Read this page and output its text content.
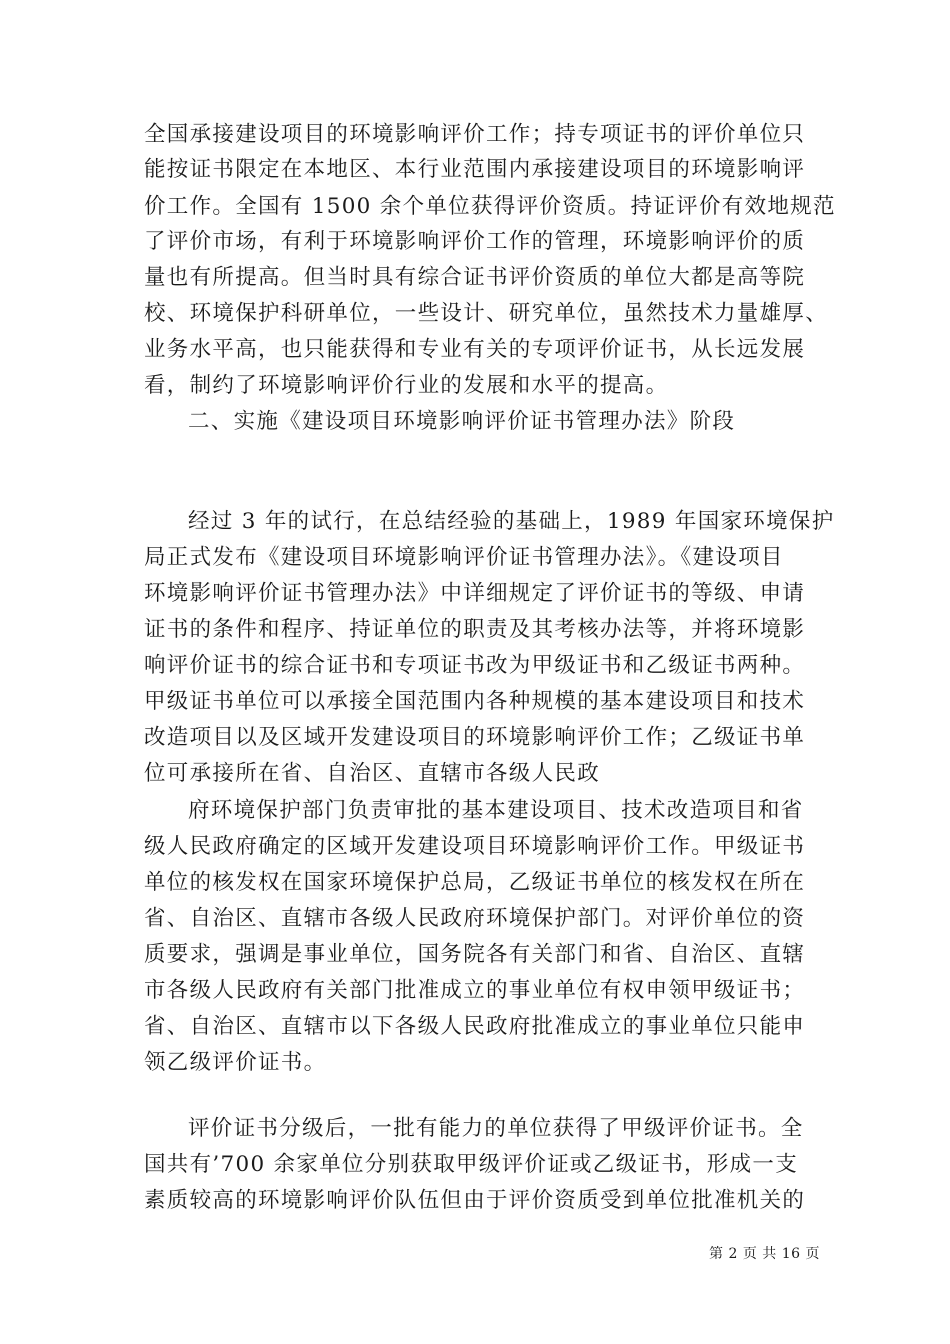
全国承接建设项目的环境影响评价工作；持专项证书的评价单位只
能按证书限定在本地区、本行业范围内承接建设项目的环境影响评
价工作。全国有 1500 余个单位获得评价资质。持证评价有效地规范
了评价市场，有利于环境影响评价工作的管理，环境影响评价的质
量也有所提高。但当时具有综合证书评价资质的单位大都是高等院
校、环境保护科研单位，一些设计、研究单位，虽然技术力量雄厚、
业务水平高，也只能获得和专业有关的专项评价证书，从长远发展
看，制约了环境影响评价行业的发展和水平的提高。
二、实施《建设项目环境影响评价证书管理办法》阶段
经过 3 年的试行，在总结经验的基础上，1989 年国家环境保护
局正式发布《建设项目环境影响评价证书管理办法》。《建设项目
环境影响评价证书管理办法》中详细规定了评价证书的等级、申请
证书的条件和程序、持证单位的职责及其考核办法等，并将环境影
响评价证书的综合证书和专项证书改为甲级证书和乙级证书两种。
甲级证书单位可以承接全国范围内各种规模的基本建设项目和技术
改造项目以及区域开发建设项目的环境影响评价工作；乙级证书单
位可承接所在省、自治区、直辖市各级人民政
府环境保护部门负责审批的基本建设项目、技术改造项目和省
级人民政府确定的区域开发建设项目环境影响评价工作。甲级证书
单位的核发权在国家环境保护总局，乙级证书单位的核发权在所在
省、自治区、直辖市各级人民政府环境保护部门。对评价单位的资
质要求，强调是事业单位，国务院各有关部门和省、自治区、直辖
市各级人民政府有关部门批准成立的事业单位有权申领甲级证书；
省、自治区、直辖市以下各级人民政府批准成立的事业单位只能申
领乙级评价证书。
评价证书分级后，一批有能力的单位获得了甲级评价证书。全
国共有’700 余家单位分别获取甲级评价证或乙级证书，形成一支
素质较高的环境影响评价队伍但由于评价资质受到单位批准机关的
第 2 页 共 16 页
